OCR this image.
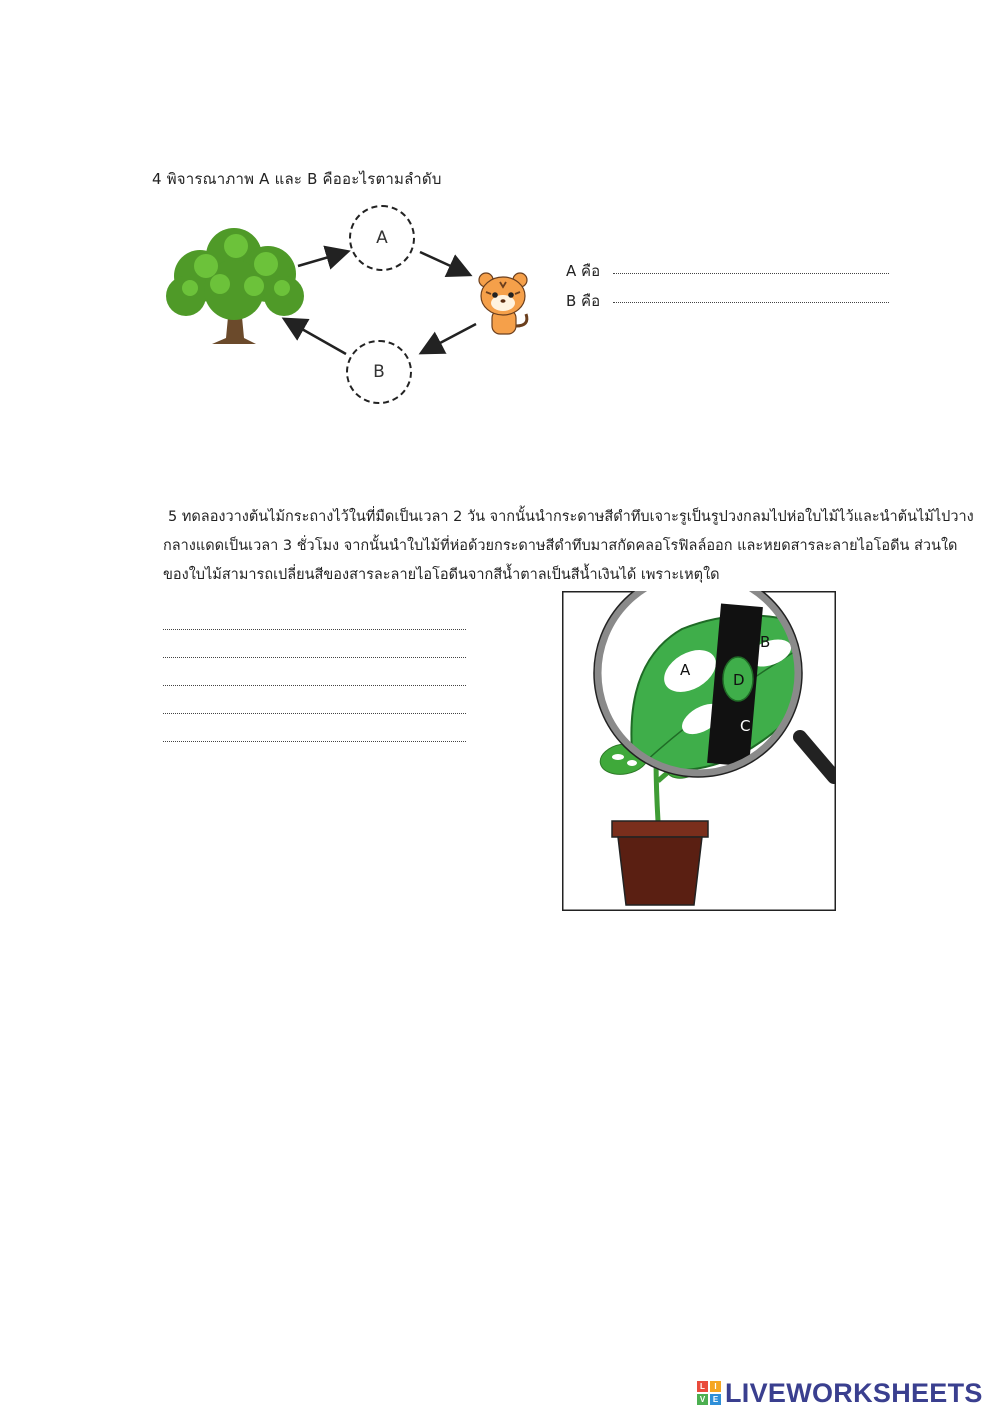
4 พิจารณาภาพ A และ B คืออะไรตามลำดับ
A
B
A คือ
B คือ
5 ทดลองวางต้นไม้กระถางไว้ในที่มืดเป็นเวลา 2 วัน จากนั้นนำกระดาษสีดำทึบเจาะรูเป็นรูปวงกลมไปห่อใบไม้ไว้และนำต้นไม้ไปวาง
กลางแดดเป็นเวลา 3 ชั่วโมง จากนั้นนำใบไม้ที่ห่อด้วยกระดาษสีดำทึบมาสกัดคลอโรฟิลล์ออก และหยดสารละลายไอโอดีน ส่วนใด
ของใบไม้สามารถเปลี่ยนสีของสารละลายไอโอดีนจากสีน้ำตาลเป็นสีน้ำเงินได้ เพราะเหตุใด
A
B
C
D
L	I
V E LIVEWORKSHEETS
